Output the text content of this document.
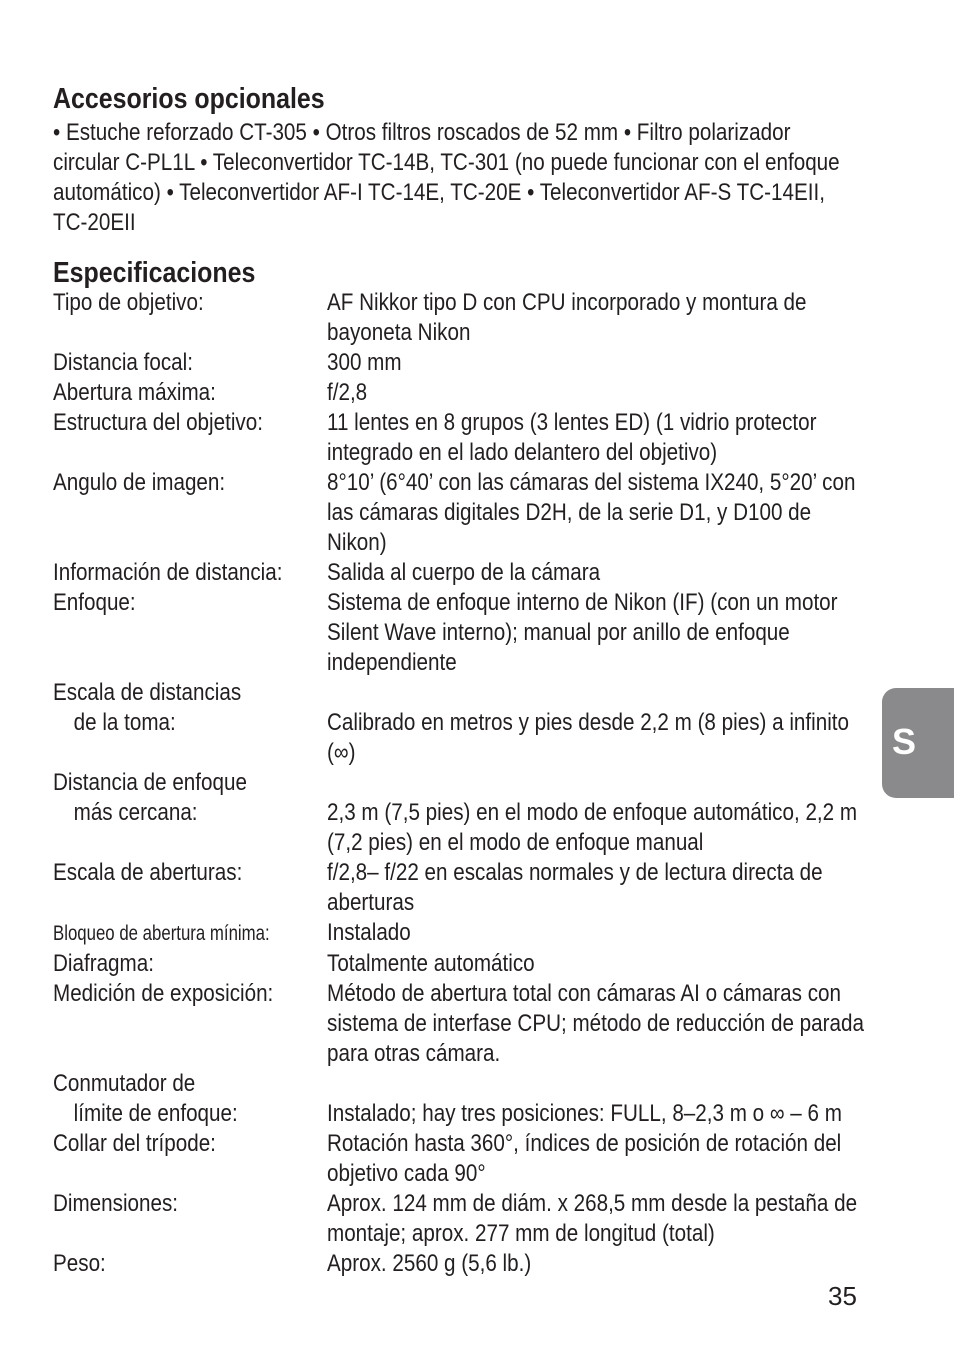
Accesorios opcionales

• Estuche reforzado CT-305 • Otros filtros roscados de 52 mm • Filtro polarizador circular C-PL1L • Teleconvertidor TC-14B, TC-301 (no puede funcionar con el enfoque automático) • Teleconvertidor AF-I TC-14E, TC-20E • Teleconvertidor AF-S TC-14EII, TC-20EII

Especificaciones
Tipo de objetivo:	AF Nikkor tipo D con CPU incorporado y montura de bayoneta Nikon
Distancia focal:	300 mm
Abertura máxima:	f/2,8
Estructura del objetivo:	11 lentes en 8 grupos (3 lentes ED) (1 vidrio protector integrado en el lado delantero del objetivo)
Angulo de imagen:	8°10’ (6°40’ con las cámaras del sistema IX240, 5°20’ con las cámaras digitales D2H, de la serie D1, y D100 de Nikon)
Información de distancia:	Salida al cuerpo de la cámara
Enfoque:	Sistema de enfoque interno de Nikon (IF) (con un motor Silent Wave interno); manual por anillo de enfoque independiente
Escala de distancias
de la toma:	Calibrado en metros y pies desde 2,2 m (8 pies) a infinito (∞)
Distancia de enfoque
más cercana:	2,3 m (7,5 pies) en el modo de enfoque automático, 2,2 m (7,2 pies) en el modo de enfoque manual
Escala de aberturas:	f/2,8– f/22 en escalas normales y de lectura directa de aberturas
Bloqueo de abertura mínima:	Instalado
Diafragma:	Totalmente automático
Medición de exposición:	Método de abertura total con cámaras AI o cámaras con sistema de interfase CPU; método de reducción de parada para otras cámara.
Conmutador de
límite de enfoque:	Instalado; hay tres posiciones: FULL, 8–2,3 m o ∞ – 6 m
Collar del trípode:	Rotación hasta 360°, índices de posición de rotación del objetivo cada 90°
Dimensiones:	Aprox. 124 mm de diám. x 268,5 mm desde la pestaña de montaje; aprox. 277 mm de longitud (total)
Peso:	Aprox. 2560 g (5,6 lb.)
S
35
